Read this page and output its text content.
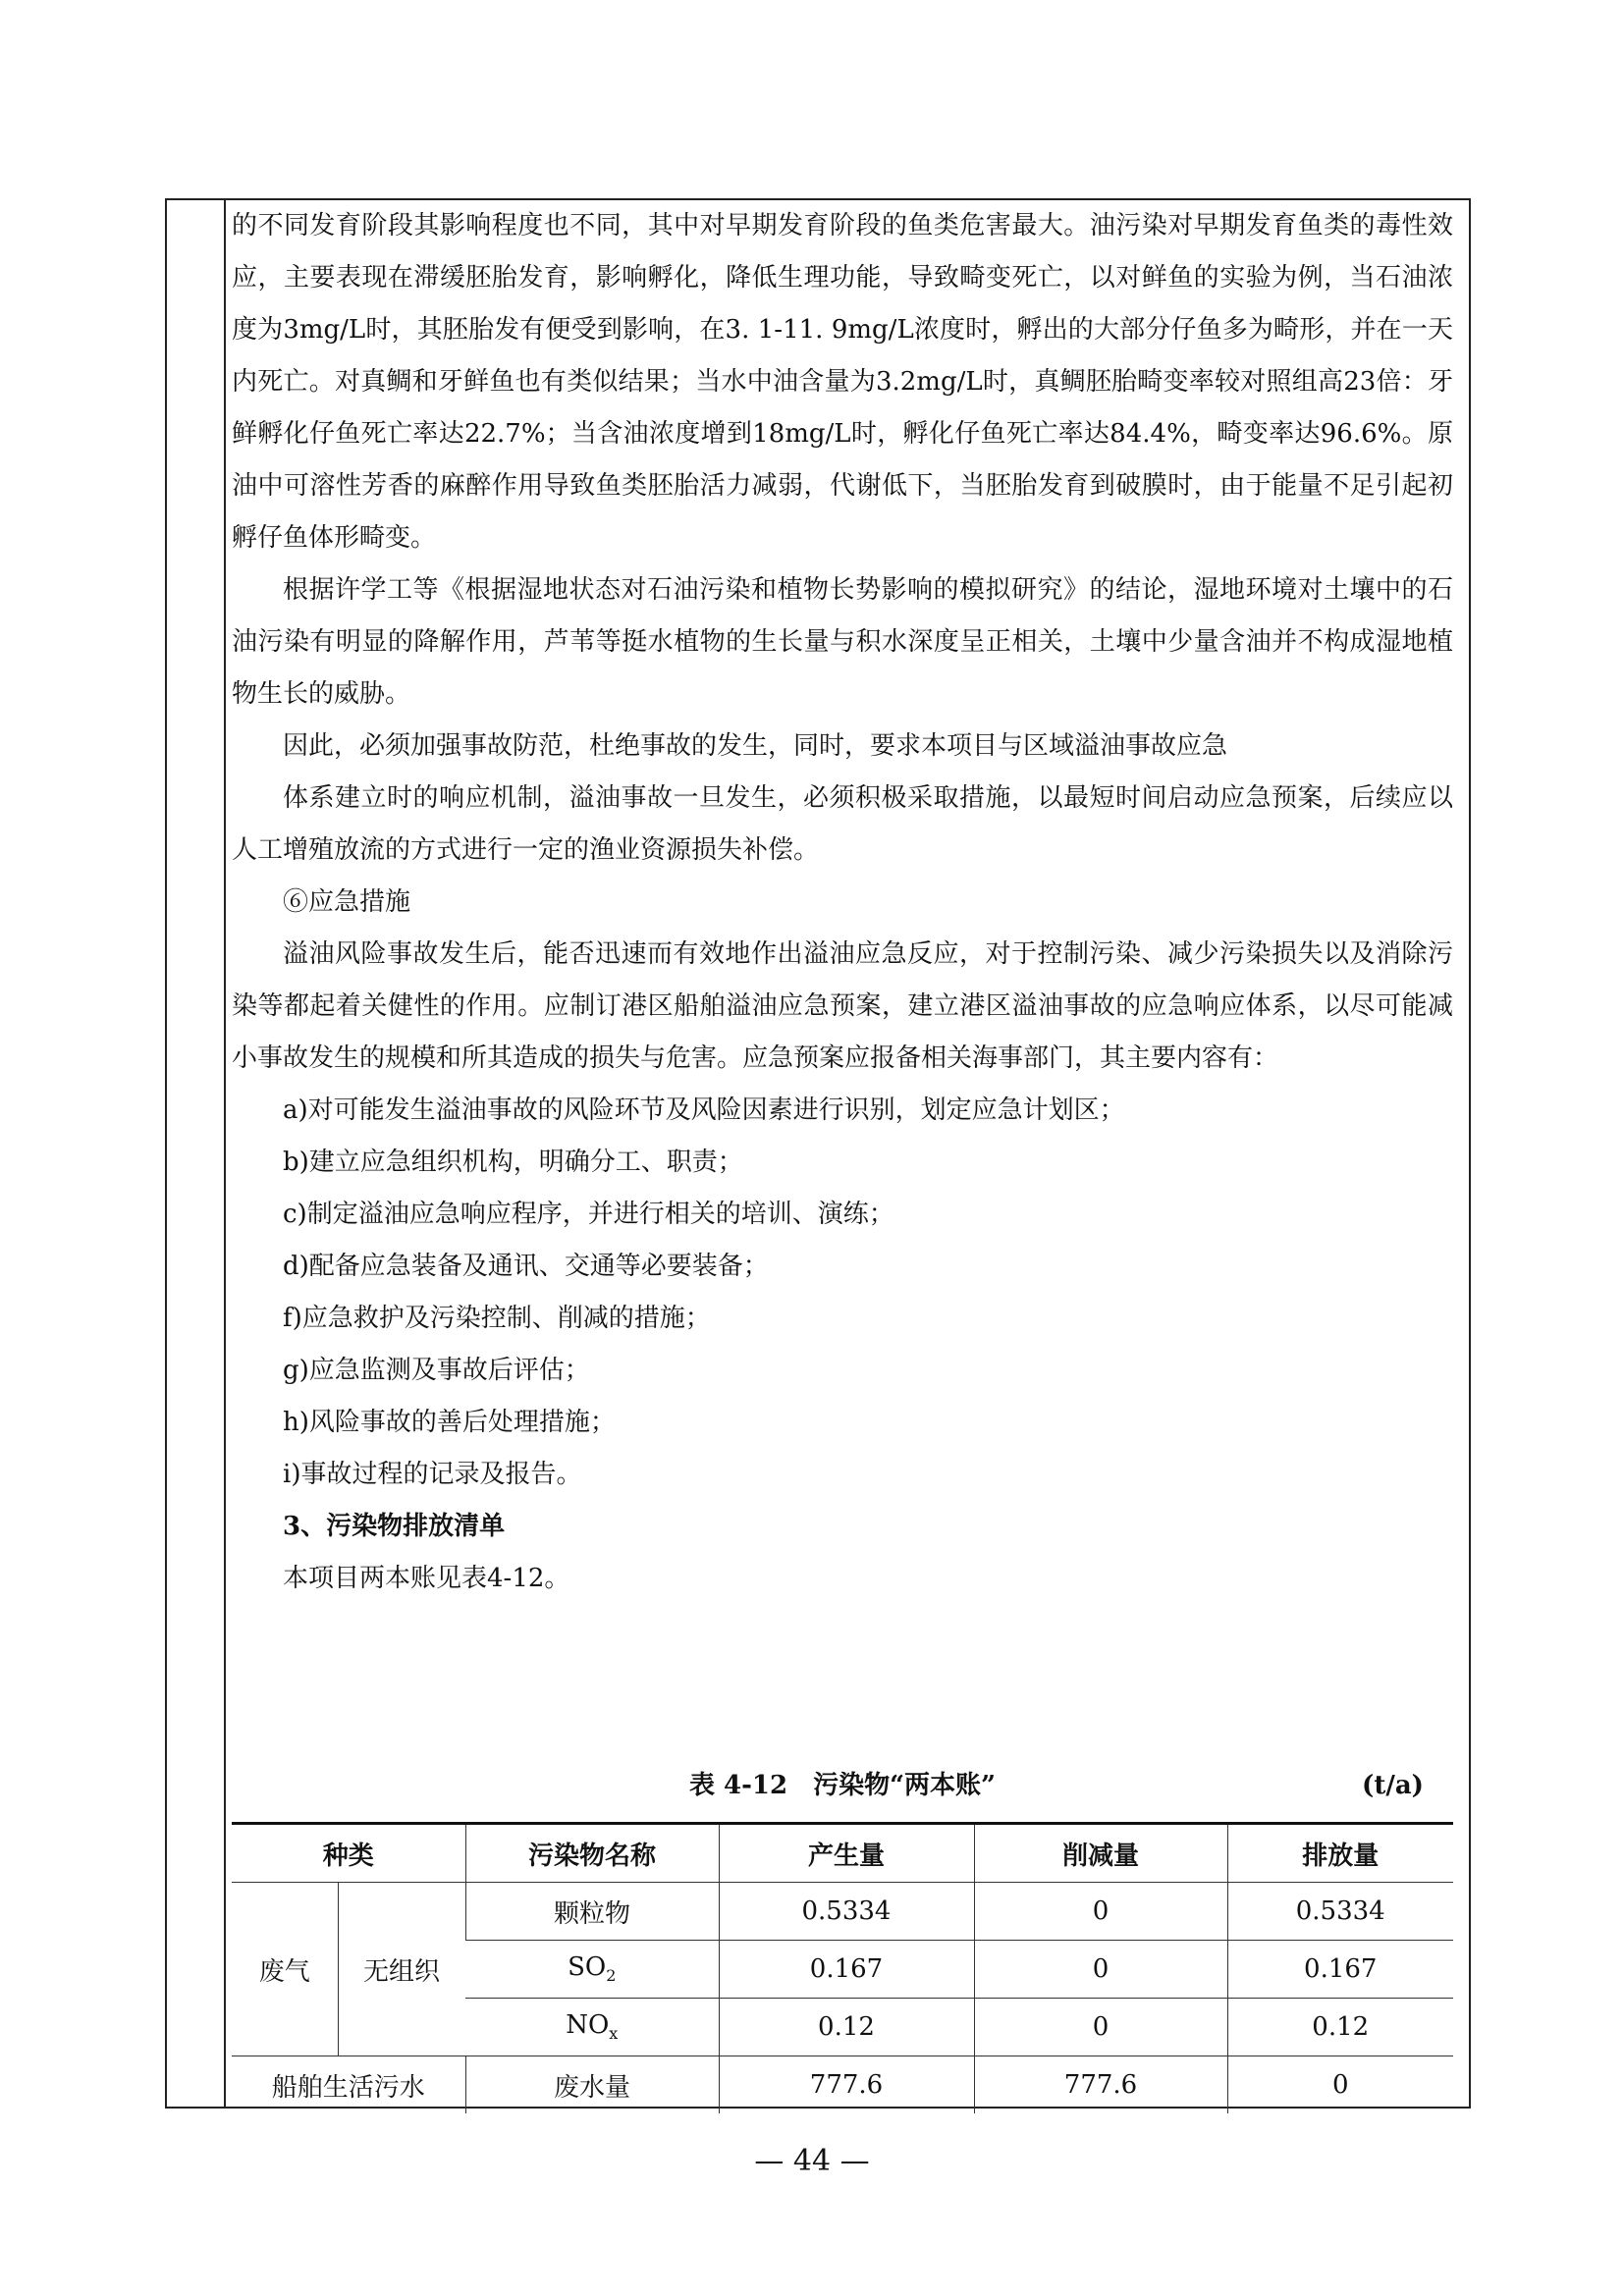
的不同发育阶段其影响程度也不同，其中对早期发育阶段的鱼类危害最大。油污染对早期发育鱼类的毒性效应，主要表现在滞缓胚胎发育，影响孵化，降低生理功能，导致畸变死亡，以对鲜鱼的实验为例，当石油浓度为3mg/L时，其胚胎发有便受到影响，在3. 1-11. 9mg/L浓度时，孵出的大部分仔鱼多为畸形，并在一天内死亡。对真鲷和牙鲜鱼也有类似结果；当水中油含量为3.2mg/L时，真鲷胚胎畸变率较对照组高23倍：牙鲜孵化仔鱼死亡率达22.7%；当含油浓度增到18mg/L时，孵化仔鱼死亡率达84.4%，畸变率达96.6%。原油中可溶性芳香的麻醉作用导致鱼类胚胎活力减弱，代谢低下，当胚胎发育到破膜时，由于能量不足引起初孵仔鱼体形畸变。

根据许学工等《根据湿地状态对石油污染和植物长势影响的模拟研究》的结论，湿地环境对土壤中的石油污染有明显的降解作用，芦苇等挺水植物的生长量与积水深度呈正相关，土壤中少量含油并不构成湿地植物生长的威胁。

因此，必须加强事故防范，杜绝事故的发生，同时，要求本项目与区域溢油事故应急

体系建立时的响应机制，溢油事故一旦发生，必须积极采取措施，以最短时间启动应急预案，后续应以人工增殖放流的方式进行一定的渔业资源损失补偿。

⑥应急措施

溢油风险事故发生后，能否迅速而有效地作出溢油应急反应，对于控制污染、减少污染损失以及消除污染等都起着关健性的作用。应制订港区船舶溢油应急预案，建立港区溢油事故的应急响应体系，以尽可能减小事故发生的规模和所其造成的损失与危害。应急预案应报备相关海事部门，其主要内容有：

a)对可能发生溢油事故的风险环节及风险因素进行识别，划定应急计划区；

b)建立应急组织机构，明确分工、职责；

c)制定溢油应急响应程序，并进行相关的培训、演练；

d)配备应急装备及通讯、交通等必要装备；

f)应急救护及污染控制、削减的措施；

g)应急监测及事故后评估；

h)风险事故的善后处理措施；

i)事故过程的记录及报告。

3、污染物排放清单

本项目两本账见表4-12。

表 4-12　污染物“两本账”	(t/a)
种类		污染物名称	产生量	削减量	排放量
废气	无组织	颗粒物	0.5334	0	0.5334
		$SO_2$	0.167	0	0.167
		$NO_x$	0.12	0	0.12
船舶生活污水		废水量	777.6	777.6	0
— 44 —
